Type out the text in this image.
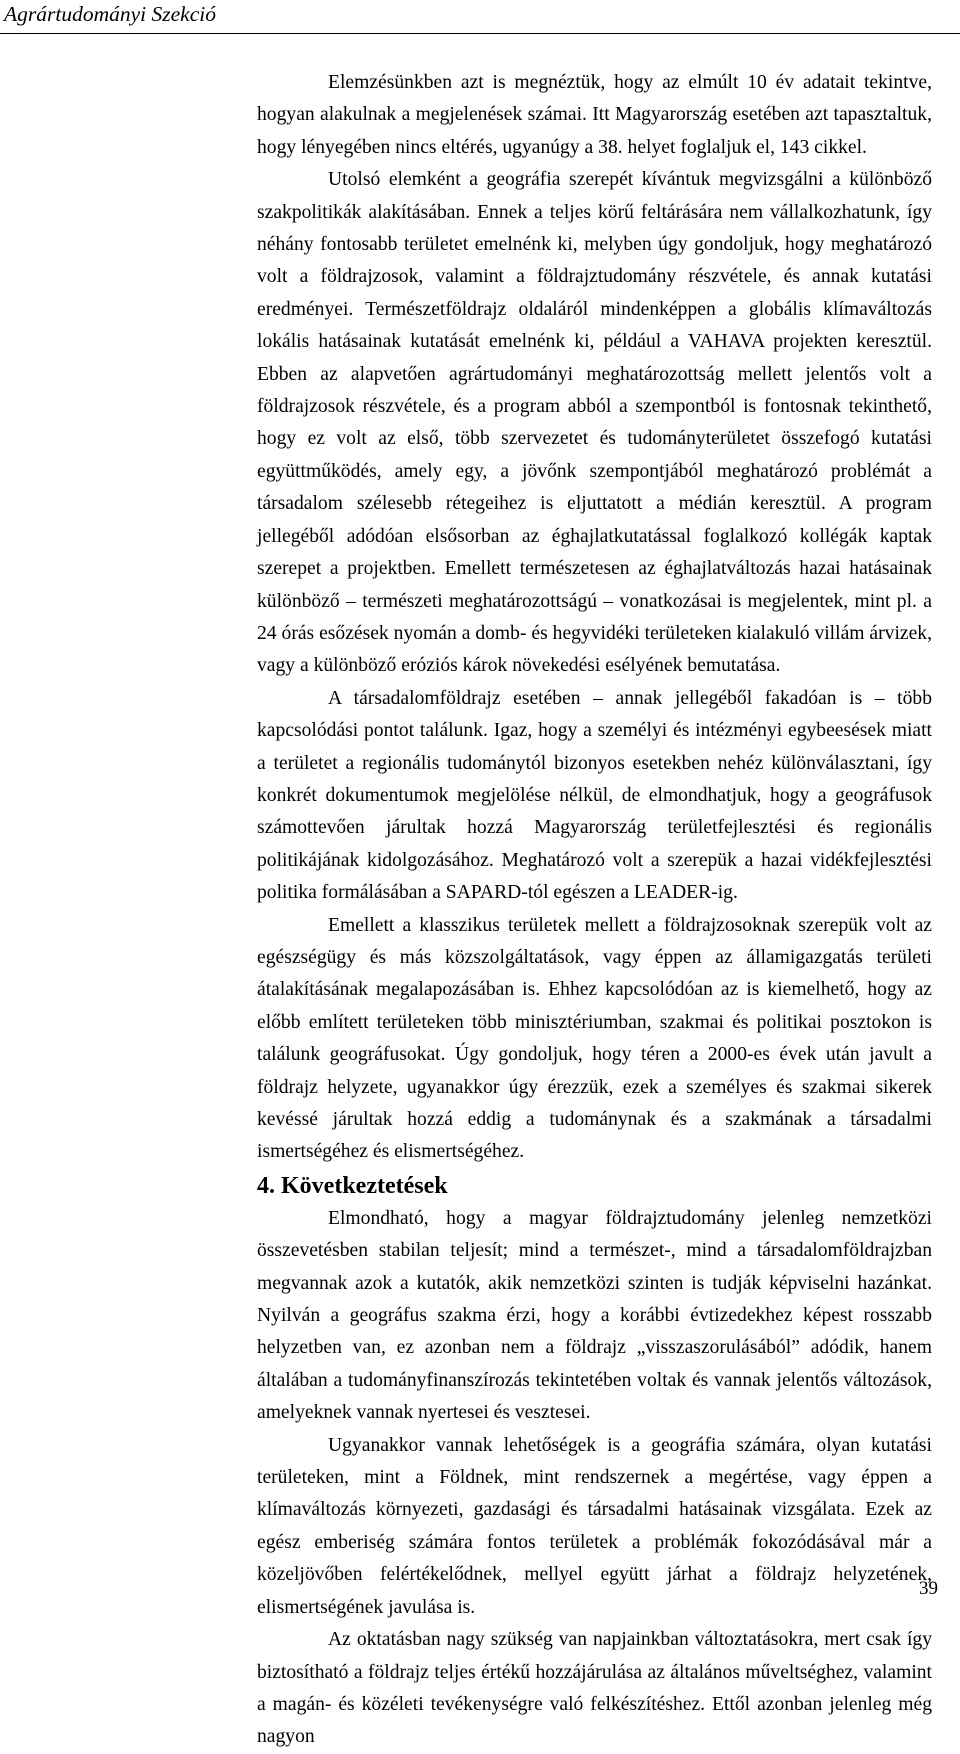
Agrártudományi Szekció

Elemzésünkben azt is megnéztük, hogy az elmúlt 10 év adatait tekintve, hogyan alakulnak a megjelenések számai. Itt Magyarország esetében azt tapasztaltuk, hogy lényegében nincs eltérés, ugyanúgy a 38. helyet foglaljuk el, 143 cikkel.

Utolsó elemként a geográfia szerepét kívántuk megvizsgálni a különböző szakpolitikák alakításában. Ennek a teljes körű feltárására nem vállalkozhatunk, így néhány fontosabb területet emelnénk ki, melyben úgy gondoljuk, hogy meghatározó volt a földrajzosok, valamint a földrajztudomány részvétele, és annak kutatási eredményei. Természetföldrajz oldaláról mindenképpen a globális klímaváltozás lokális hatásainak kutatását emelnénk ki, például a VAHAVA projekten keresztül. Ebben az alapvetően agrártudományi meghatározottság mellett jelentős volt a földrajzosok részvétele, és a program abból a szempontból is fontosnak tekinthető, hogy ez volt az első, több szervezetet és tudományterületet összefogó kutatási együttműködés, amely egy, a jövőnk szempontjából meghatározó problémát a társadalom szélesebb rétegeihez is eljuttatott a médián keresztül. A program jellegéből adódóan elsősorban az éghajlatkutatással foglalkozó kollégák kaptak szerepet a projektben. Emellett természetesen az éghajlatváltozás hazai hatásainak különböző – természeti meghatározottságú – vonatkozásai is megjelentek, mint pl. a 24 órás esőzések nyomán a domb- és hegyvidéki területeken kialakuló villám árvizek, vagy a különböző eróziós károk növekedési esélyének bemutatása.

A társadalomföldrajz esetében – annak jellegéből fakadóan is – több kapcsolódási pontot találunk. Igaz, hogy a személyi és intézményi egybeesések miatt a területet a regionális tudománytól bizonyos esetekben nehéz különválasztani, így konkrét dokumentumok megjelölése nélkül, de elmondhatjuk, hogy a geográfusok számottevően járultak hozzá Magyarország területfejlesztési és regionális politikájának kidolgozásához. Meghatározó volt a szerepük a hazai vidékfejlesztési politika formálásában a SAPARD-tól egészen a LEADER-ig.

Emellett a klasszikus területek mellett a földrajzosoknak szerepük volt az egészségügy és más közszolgáltatások, vagy éppen az államigazgatás területi átalakításának megalapozásában is. Ehhez kapcsolódóan az is kiemelhető, hogy az előbb említett területeken több minisztériumban, szakmai és politikai posztokon is találunk geográfusokat. Úgy gondoljuk, hogy téren a 2000-es évek után javult a földrajz helyzete, ugyanakkor úgy érezzük, ezek a személyes és szakmai sikerek kevéssé járultak hozzá eddig a tudománynak és a szakmának a társadalmi ismertségéhez és elismertségéhez.

4. Következtetések

Elmondható, hogy a magyar földrajztudomány jelenleg nemzetközi összevetésben stabilan teljesít; mind a természet-, mind a társadalomföldrajzban megvannak azok a kutatók, akik nemzetközi szinten is tudják képviselni hazánkat. Nyilván a geográfus szakma érzi, hogy a korábbi évtizedekhez képest rosszabb helyzetben van, ez azonban nem a földrajz „visszaszorulásából” adódik, hanem általában a tudományfinanszírozás tekintetében voltak és vannak jelentős változások, amelyeknek vannak nyertesei és vesztesei.

Ugyanakkor vannak lehetőségek is a geográfia számára, olyan kutatási területeken, mint a Földnek, mint rendszernek a megértése, vagy éppen a klímaváltozás környezeti, gazdasági és társadalmi hatásainak vizsgálata. Ezek az egész emberiség számára fontos területek a problémák fokozódásával már a közeljövőben felértékelődnek, mellyel együtt járhat a földrajz helyzetének, elismertségének javulása is.

Az oktatásban nagy szükség van napjainkban változtatásokra, mert csak így biztosítható a földrajz teljes értékű hozzájárulása az általános műveltséghez, valamint a magán- és közéleti tevékenységre való felkészítéshez. Ettől azonban jelenleg még nagyon

39
